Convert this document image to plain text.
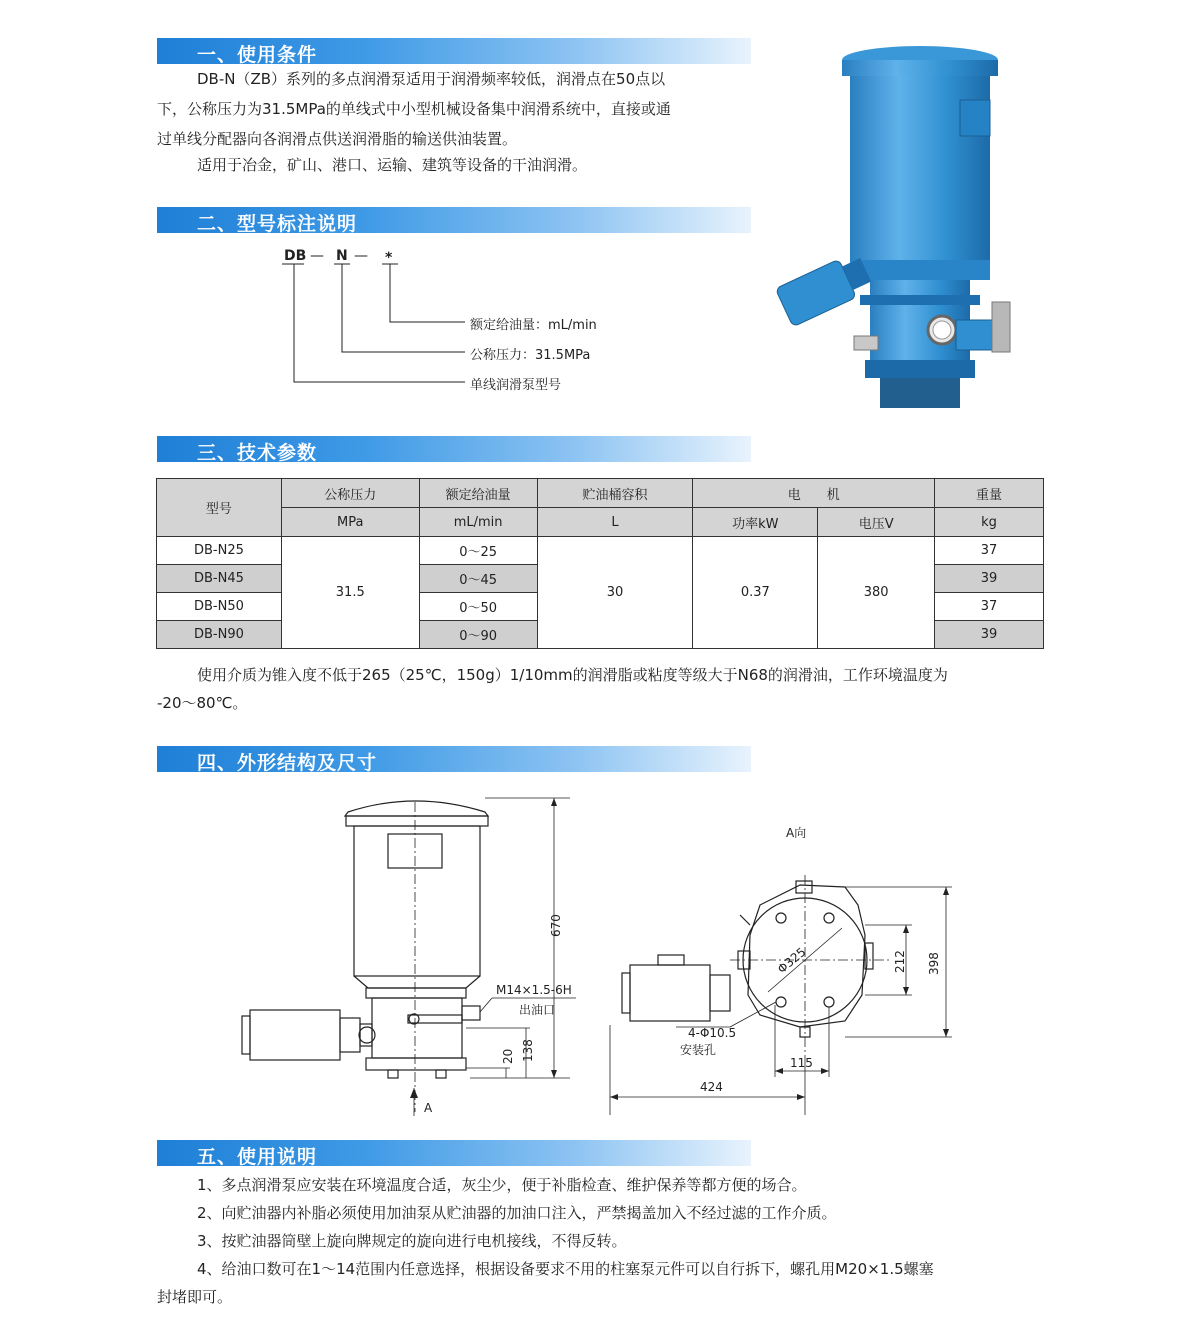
一、使用条件
DB-N（ZB）系列的多点润滑泵适用于润滑频率较低，润滑点在50点以
下，公称压力为31.5MPa的单线式中小型机械设备集中润滑系统中，直接或通
过单线分配器向各润滑点供送润滑脂的输送供油装置。
适用于冶金，矿山、港口、运输、建筑等设备的干油润滑。
二、型号标注说明
DB — N — *
额定给油量：mL/min
公称压力：31.5MPa
单线润滑泵型号
三、技术参数
型号	公称压力	额定给油量	贮油桶容积	电　　机		重量
	MPa	mL/min	L	功率kW	电压V	kg
DB-N25	31.5	0～25	30	0.37	380	37
DB-N45		0～45				39
DB-N50		0～50				37
DB-N90		0～90				39
使用介质为锥入度不低于265（25℃，150g）1/10mm的润滑脂或粘度等级大于N68的润滑油，工作环境温度为
-20～80℃。
四、外形结构及尺寸
670
138
20
M14×1.5-6H
出油口
A
A向
Φ325	212 398
4-Φ10.5
安装孔
115
424
五、使用说明
1、多点润滑泵应安装在环境温度合适，灰尘少，便于补脂检查、维护保养等都方便的场合。
2、向贮油器内补脂必须使用加油泵从贮油器的加油口注入，严禁揭盖加入不经过滤的工作介质。
3、按贮油器筒壁上旋向牌规定的旋向进行电机接线，不得反转。
4、给油口数可在1～14范围内任意选择，根据设备要求不用的柱塞泵元件可以自行拆下，螺孔用M20×1.5螺塞
封堵即可。
